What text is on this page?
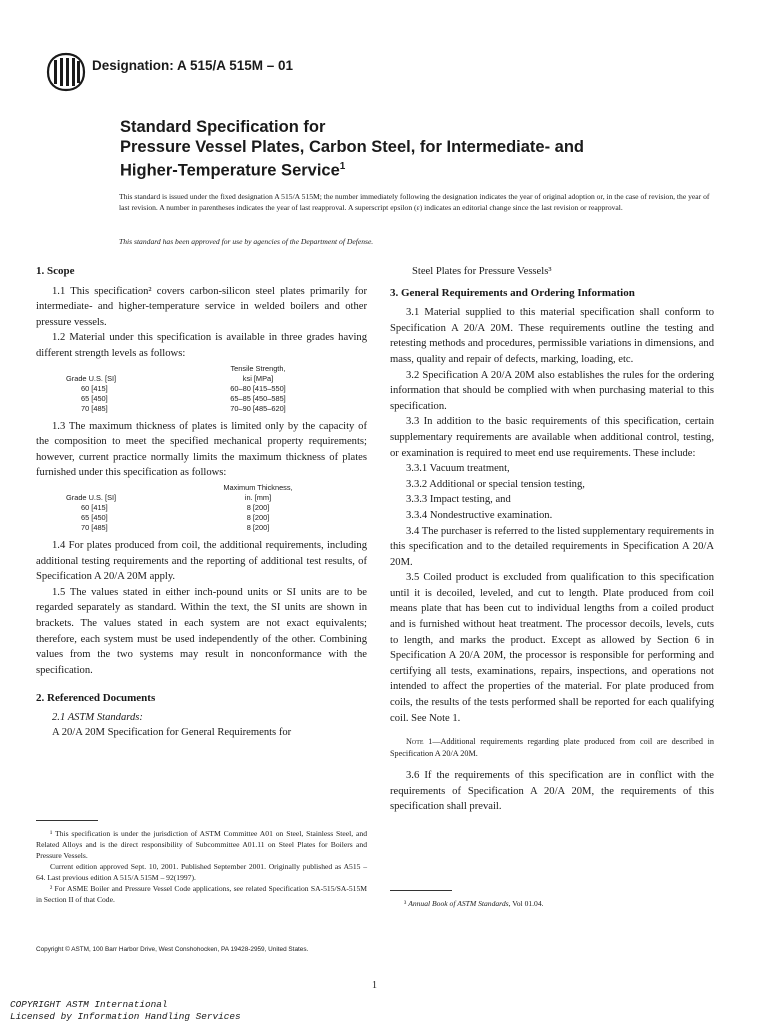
Designation: A 515/A 515M – 01
Standard Specification for
Pressure Vessel Plates, Carbon Steel, for Intermediate- and
Higher-Temperature Service$^1$
This standard is issued under the fixed designation A 515/A 515M; the number immediately following the designation indicates the year of original adoption or, in the case of revision, the year of last revision. A number in parentheses indicates the year of last reapproval. A superscript epsilon (ε) indicates an editorial change since the last revision or reapproval.
This standard has been approved for use by agencies of the Department of Defense.
1. Scope

1.1 This specification² covers carbon-silicon steel plates primarily for intermediate- and higher-temperature service in welded boilers and other pressure vessels.

1.2 Material under this specification is available in three grades having different strength levels as follows:

Tensile Strength,
Grade U.S. [SI]	ksi [MPa]
60 [415]	60–80 [415–550]
65 [450]	65–85 [450–585]
70 [485]	70–90 [485–620]

1.3 The maximum thickness of plates is limited only by the capacity of the composition to meet the specified mechanical property requirements; however, current practice normally limits the maximum thickness of plates furnished under this specification as follows:

Maximum Thickness,
Grade U.S. [SI]	in. [mm]
60 [415]	8 [200]
65 [450]	8 [200]
70 [485]	8 [200]

1.4 For plates produced from coil, the additional requirements, including additional testing requirements and the reporting of additional test results, of Specification A 20/A 20M apply.

1.5 The values stated in either inch-pound units or SI units are to be regarded separately as standard. Within the text, the SI units are shown in brackets. The values stated in each system are not exact equivalents; therefore, each system must be used independently of the other. Combining values from the two systems may result in nonconformance with the specification.

2. Referenced Documents

2.1 ASTM Standards:

A 20/A 20M Specification for General Requirements for

Steel Plates for Pressure Vessels³

3. General Requirements and Ordering Information

3.1 Material supplied to this material specification shall conform to Specification A 20/A 20M. These requirements outline the testing and retesting methods and procedures, permissible variations in dimensions, and mass, quality and repair of defects, marking, loading, etc.

3.2 Specification A 20/A 20M also establishes the rules for the ordering information that should be complied with when purchasing material to this specification.

3.3 In addition to the basic requirements of this specification, certain supplementary requirements are available when additional control, testing, or examination is required to meet end use requirements. These include:

3.3.1 Vacuum treatment,

3.3.2 Additional or special tension testing,

3.3.3 Impact testing, and

3.3.4 Nondestructive examination.

3.4 The purchaser is referred to the listed supplementary requirements in this specification and to the detailed requirements in Specification A 20/A 20M.

3.5 Coiled product is excluded from qualification to this specification until it is decoiled, leveled, and cut to length. Plate produced from coil means plate that has been cut to individual lengths from a coiled product and is furnished without heat treatment. The processor decoils, levels, cuts to length, and marks the product. Except as allowed by Section 6 in Specification A 20/A 20M, the processor is responsible for performing and certifying all tests, examinations, repairs, inspections, and operations not intended to affect the properties of the material. For plate produced from coils, the results of the tests performed shall be reported for each qualifying coil. See Note 1.

Note 1—Additional requirements regarding plate produced from coil are described in Specification A 20/A 20M.

3.6 If the requirements of this specification are in conflict with the requirements of Specification A 20/A 20M, the requirements of this specification shall prevail.

¹ This specification is under the jurisdiction of ASTM Committee A01 on Steel, Stainless Steel, and Related Alloys and is the direct responsibility of Subcommittee A01.11 on Steel Plates for Boilers and Pressure Vessels.

Current edition approved Sept. 10, 2001. Published September 2001. Originally published as A515 – 64. Last previous edition A 515/A 515M – 92(1997).

² For ASME Boiler and Pressure Vessel Code applications, see related Specification SA-515/SA-515M in Section II of that Code.	³ Annual Book of ASTM Standards, Vol 01.04.

Copyright © ASTM, 100 Barr Harbor Drive, West Conshohocken, PA 19428-2959, United States.
1
COPYRIGHT ASTM International
Licensed by Information Handling Services
